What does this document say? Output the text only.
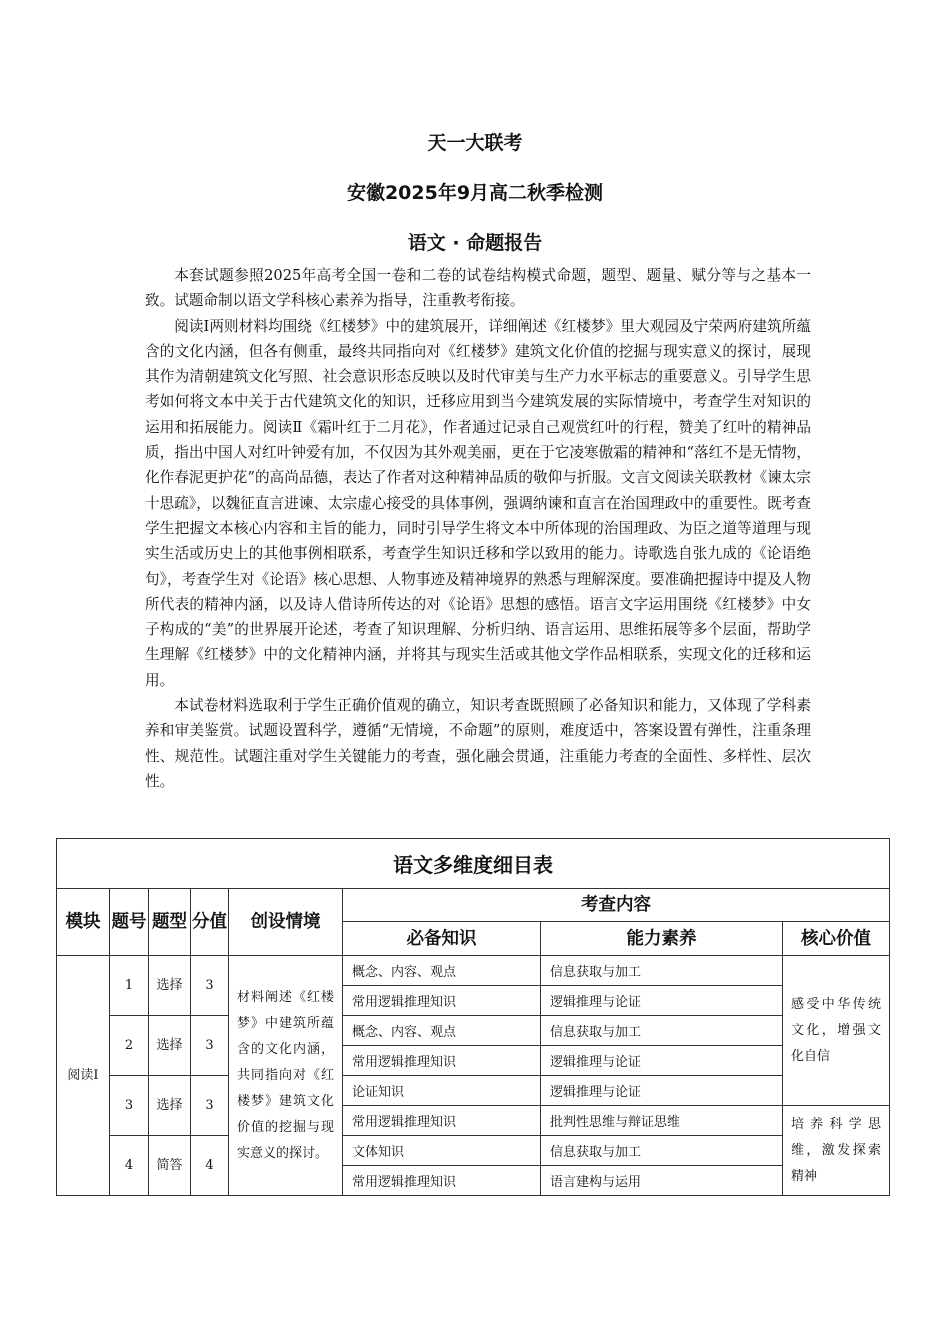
天一大联考
安徽2025年9月高二秋季检测
语文 · 命题报告

本套试题参照2025年高考全国一卷和二卷的试卷结构模式命题，题型、题量、赋分等与之基本一致。试题命制以语文学科核心素养为指导，注重教考衔接。

阅读Ⅰ两则材料均围绕《红楼梦》中的建筑展开，详细阐述《红楼梦》里大观园及宁荣两府建筑所蕴含的文化内涵，但各有侧重，最终共同指向对《红楼梦》建筑文化价值的挖掘与现实意义的探讨，展现其作为清朝建筑文化写照、社会意识形态反映以及时代审美与生产力水平标志的重要意义。引导学生思考如何将文本中关于古代建筑文化的知识，迁移应用到当今建筑发展的实际情境中，考查学生对知识的运用和拓展能力。阅读Ⅱ《霜叶红于二月花》，作者通过记录自己观赏红叶的行程，赞美了红叶的精神品质，指出中国人对红叶钟爱有加，不仅因为其外观美丽，更在于它凌寒傲霜的精神和“落红不是无情物，化作春泥更护花”的高尚品德，表达了作者对这种精神品质的敬仰与折服。文言文阅读关联教材《谏太宗十思疏》，以魏征直言进谏、太宗虚心接受的具体事例，强调纳谏和直言在治国理政中的重要性。既考查学生把握文本核心内容和主旨的能力，同时引导学生将文本中所体现的治国理政、为臣之道等道理与现实生活或历史上的其他事例相联系，考查学生知识迁移和学以致用的能力。诗歌选自张九成的《论语绝句》，考查学生对《论语》核心思想、人物事迹及精神境界的熟悉与理解深度。要准确把握诗中提及人物所代表的精神内涵，以及诗人借诗所传达的对《论语》思想的感悟。语言文字运用围绕《红楼梦》中女子构成的“美”的世界展开论述，考查了知识理解、分析归纳、语言运用、思维拓展等多个层面，帮助学生理解《红楼梦》中的文化精神内涵，并将其与现实生活或其他文学作品相联系，实现文化的迁移和运用。

本试卷材料选取利于学生正确价值观的确立，知识考查既照顾了必备知识和能力，又体现了学科素养和审美鉴赏。试题设置科学，遵循“无情境，不命题”的原则，难度适中，答案设置有弹性，注重条理性、规范性。试题注重对学生关键能力的考查，强化融会贯通，注重能力考查的全面性、多样性、层次性。

语文多维度细目表							
模块	题号	题型	分值	创设情境	考查内容		
					必备知识	能力素养	核心价值
阅读Ⅰ	1	选择	3	材料阐述《红楼梦》中建筑所蕴含的文化内涵，共同指向对《红楼梦》建筑文化价值的挖掘与现实意义的探讨。	概念、内容、观点	信息获取与加工	感受中华传统文化，增强文化自信
					常用逻辑推理知识	逻辑推理与论证	
	2	选择	3		概念、内容、观点	信息获取与加工	
					常用逻辑推理知识	逻辑推理与论证	
	3	选择	3		论证知识	逻辑推理与论证	
					常用逻辑推理知识	批判性思维与辩证思维	培养科学思维，激发探索精神
	4	简答	4		文体知识	信息获取与加工	
					常用逻辑推理知识	语言建构与运用	
